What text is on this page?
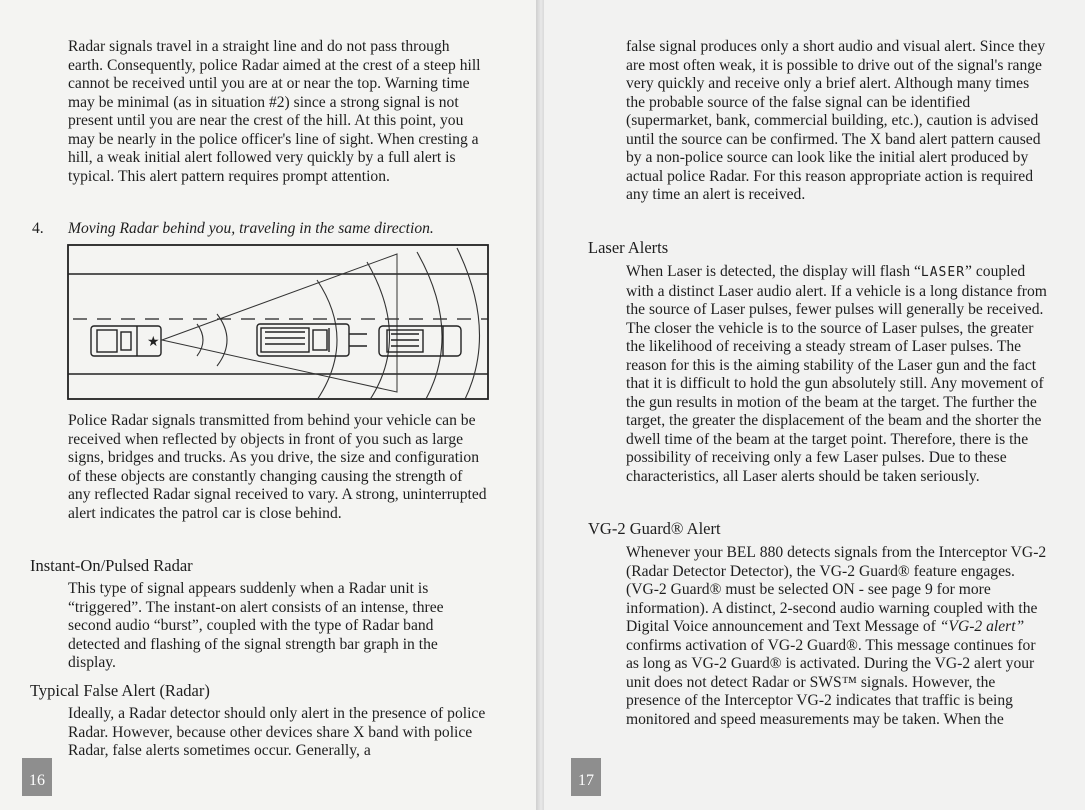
Radar signals travel in a straight line and do not pass through earth. Consequently, police Radar aimed at the crest of a steep hill cannot be received until you are at or near the top. Warning time may be minimal (as in situation #2) since a strong signal is not present until you are near the crest of the hill. At this point, you may be nearly in the police officer's line of sight. When cresting a hill, a weak initial alert followed very quickly by a full alert is typical. This alert pattern requires prompt attention.

4.	Moving Radar behind you, traveling in the same direction.
★

Police Radar signals transmitted from behind your vehicle can be received when reflected by objects in front of you such as large signs, bridges and trucks. As you drive, the size and configuration of these objects are constantly changing causing the strength of any reflected Radar signal received to vary. A strong, uninterrupted alert indicates the patrol car is close behind.

Instant-On/Pulsed Radar

This type of signal appears suddenly when a Radar unit is “triggered”. The instant-on alert consists of an intense, three second audio “burst”, coupled with the type of Radar band detected and flashing of the signal strength bar graph in the display.

Typical False Alert (Radar)

Ideally, a Radar detector should only alert in the presence of police Radar. However, because other devices share X band with police Radar, false alerts sometimes occur. Generally, a

16

false signal produces only a short audio and visual alert. Since they are most often weak, it is possible to drive out of the signal's range very quickly and receive only a brief alert. Although many times the probable source of the false signal can be identified (supermarket, bank, commercial building, etc.), caution is advised until the source can be confirmed. The X band alert pattern caused by a non-police source can look like the initial alert produced by actual police Radar. For this reason appropriate action is required any time an alert is received.

Laser Alerts

When Laser is detected, the display will flash “LASER” coupled with a distinct Laser audio alert. If a vehicle is a long distance from the source of Laser pulses, fewer pulses will generally be received. The closer the vehicle is to the source of Laser pulses, the greater the likelihood of receiving a steady stream of Laser pulses. The reason for this is the aiming stability of the Laser gun and the fact that it is difficult to hold the gun absolutely still. Any movement of the gun results in motion of the beam at the target. The further the target, the greater the displacement of the beam and the shorter the dwell time of the beam at the target point. Therefore, there is the possibility of receiving only a few Laser pulses. Due to these characteristics, all Laser alerts should be taken seriously.

VG-2 Guard® Alert

Whenever your BEL 880 detects signals from the Interceptor VG-2 (Radar Detector Detector), the VG-2 Guard® feature engages. (VG-2 Guard® must be selected ON - see page 9 for more information). A distinct, 2-second audio warning coupled with the Digital Voice announcement and Text Message of “VG-2 alert” confirms activation of VG-2 Guard®. This message continues for as long as VG-2 Guard® is activated. During the VG-2 alert your unit does not detect Radar or SWS™ signals. However, the presence of the Interceptor VG-2 indicates that traffic is being monitored and speed measurements may be taken. When the

17
